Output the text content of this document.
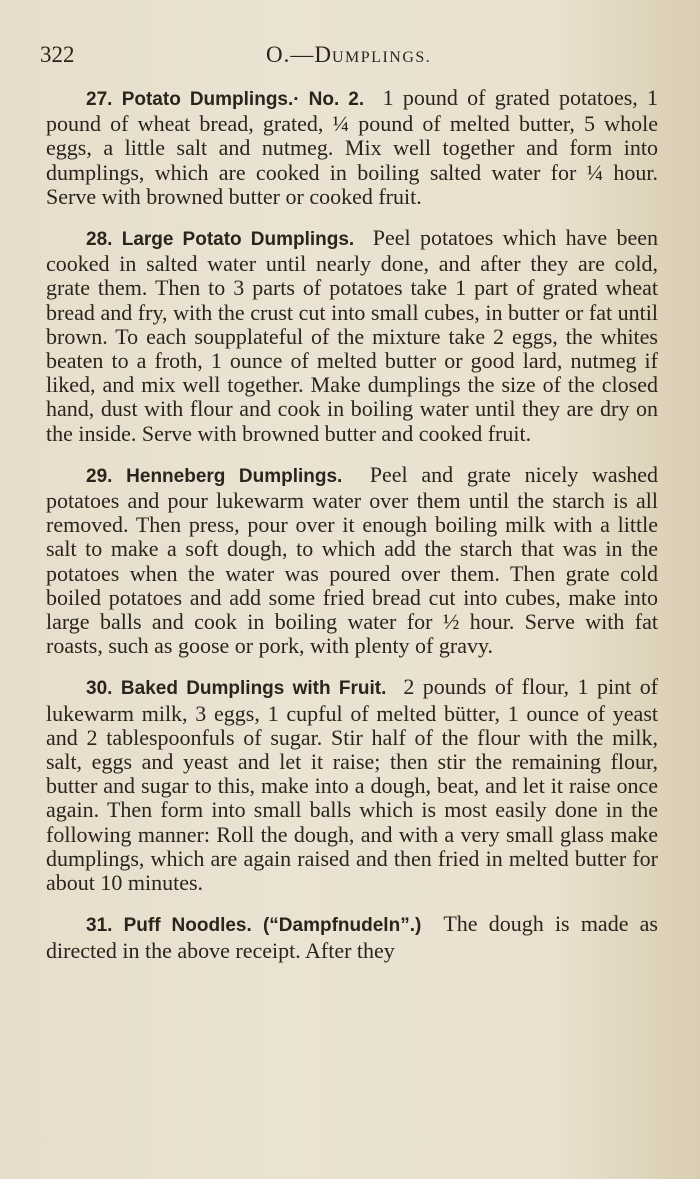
322	O.—DUMPLINGS.

27. Potato Dumplings.· No. 2. 1 pound of grated potatoes, 1 pound of wheat bread, grated, ¼ pound of melted butter, 5 whole eggs, a little salt and nutmeg. Mix well together and form into dumplings, which are cooked in boiling salted water for ¼ hour. Serve with browned butter or cooked fruit.

28. Large Potato Dumplings. Peel potatoes which have been cooked in salted water until nearly done, and after they are cold, grate them. Then to 3 parts of potatoes take 1 part of grated wheat bread and fry, with the crust cut into small cubes, in butter or fat until brown. To each soupplateful of the mixture take 2 eggs, the whites beaten to a froth, 1 ounce of melted butter or good lard, nutmeg if liked, and mix well together. Make dumplings the size of the closed hand, dust with flour and cook in boiling water until they are dry on the inside. Serve with browned butter and cooked fruit.

29. Henneberg Dumplings. Peel and grate nicely washed potatoes and pour lukewarm water over them until the starch is all removed. Then press, pour over it enough boiling milk with a little salt to make a soft dough, to which add the starch that was in the potatoes when the water was poured over them. Then grate cold boiled potatoes and add some fried bread cut into cubes, make into large balls and cook in boiling water for ½ hour. Serve with fat roasts, such as goose or pork, with plenty of gravy.

30. Baked Dumplings with Fruit. 2 pounds of flour, 1 pint of lukewarm milk, 3 eggs, 1 cupful of melted bütter, 1 ounce of yeast and 2 tablespoonfuls of sugar. Stir half of the flour with the milk, salt, eggs and yeast and let it raise; then stir the remaining flour, butter and sugar to this, make into a dough, beat, and let it raise once again. Then form into small balls which is most easily done in the following manner: Roll the dough, and with a very small glass make dumplings, which are again raised and then fried in melted butter for about 10 minutes.

31. Puff Noodles. (“Dampfnudeln”.) The dough is made as directed in the above receipt. After they
